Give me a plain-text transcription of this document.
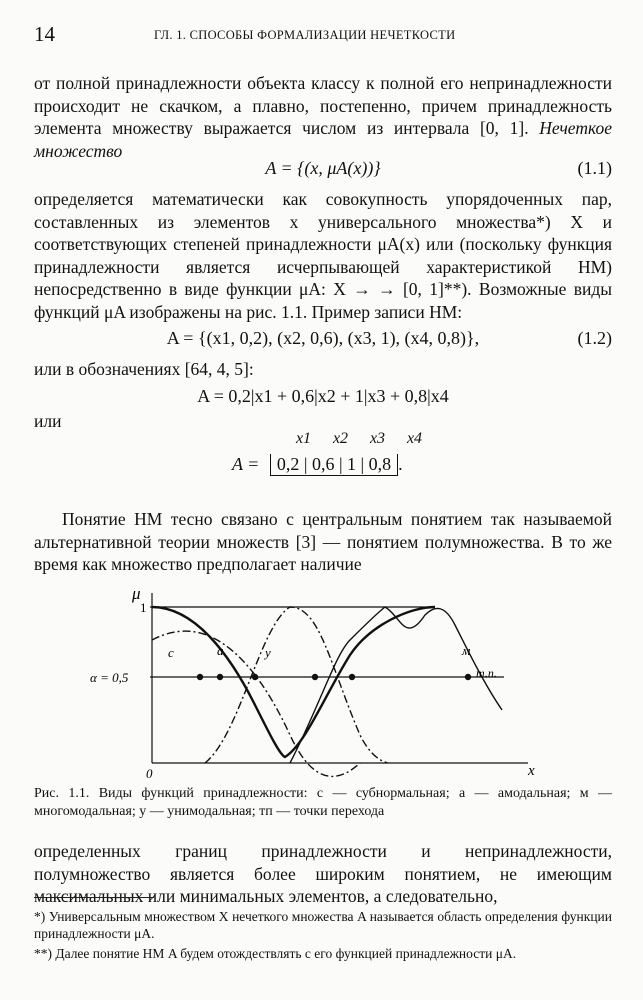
14	ГЛ. 1. СПОСОБЫ ФОРМАЛИЗАЦИИ НЕЧЕТКОСТИ

от полной принадлежности объекта классу к полной его непринадлежности происходит не скачком, а плавно, постепенно, причем принадлежность элемента множеству выражается числом из интервала [0, 1]. Нечеткое множество

A = {(x, μA(x))}	(1.1)

определяется математически как совокупность упорядоченных пар, составленных из элементов x универсального множества*) X и соответствующих степеней принадлежности μA(x) или (поскольку функция принадлежности является исчерпывающей характеристикой НМ) непосредственно в виде функции μA: X → → [0, 1]**). Возможные виды функций μA изображены на рис. 1.1. Пример записи НМ:

A = {(x1, 0,2), (x2, 0,6), (x3, 1), (x4, 0,8)},	(1.2)

или в обозначениях [64, 4, 5]:

A = 0,2|x1 + 0,6|x2 + 1|x3 + 0,8|x4

или

x1 x2 x3 x4
A = 0,2 | 0,6 | 1 | 0,8 .

Понятие НМ тесно связано с центральным понятием так называемой альтернативной теории множеств [3] — понятием полумножества. В то же время как множество предполагает наличие

μ
1
α = 0,5
0	x
c	a	y	м
т.п.
Рис. 1.1. Виды функций принадлежности: c — субнормальная; a — амодальная; м — многомодальная; y — унимодальная; тп — точки перехода

определенных границ принадлежности и непринадлежности, полумножество является более широким понятием, не имеющим максимальных или минимальных элементов, а следовательно,

*) Универсальным множеством X нечеткого множества A называется область определения функции принадлежности μA.
**) Далее понятие НМ A будем отождествлять с его функцией принадлежности μA.
